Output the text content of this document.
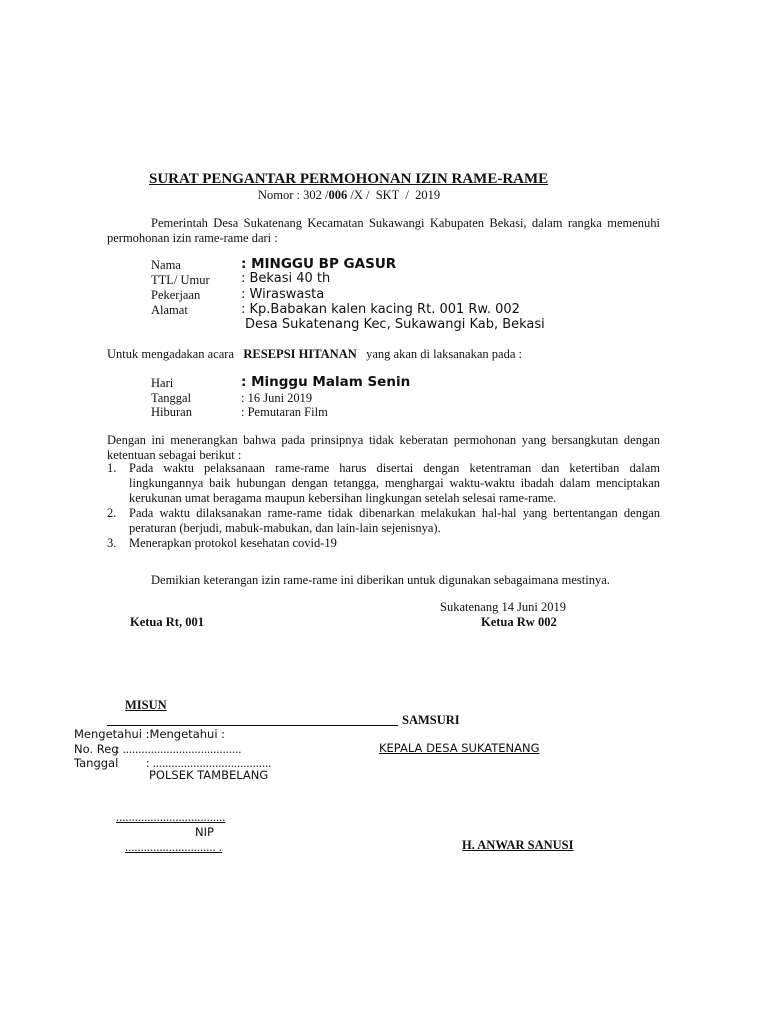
SURAT PENGANTAR PERMOHONAN IZIN RAME-RAME
Nomor : 302 /006 /X /  SKT  /  2019
Pemerintah Desa Sukatenang Kecamatan Sukawangi Kabupaten Bekasi, dalam rangka memenuhi permohonan izin rame-rame dari :
Nama	: MINGGU BP GASUR
TTL/ Umur : Bekasi 40 th
Pekerjaan	: Wiraswasta
Alamat	: Kp.Babakan kalen kacing Rt. 001 Rw. 002
Desa Sukatenang Kec, Sukawangi Kab, Bekasi
Untuk mengadakan acara RESEPSI HITANAN yang akan di laksanakan pada :
Hari	: Minggu Malam Senin
Tanggal	: 16 Juni 2019
Hiburan	: Pemutaran Film
Dengan ini menerangkan bahwa pada prinsipnya tidak keberatan permohonan yang bersangkutan dengan ketentuan sebagai berikut :
1. Pada waktu pelaksanaan rame-rame harus disertai dengan ketentraman dan ketertiban dalam lingkungannya baik hubungan dengan tetangga, menghargai waktu-waktu ibadah dalam menciptakan kerukunan umat beragama maupun kebersihan lingkungan setelah selesai rame-rame.
2. Pada waktu dilaksanakan rame-rame tidak dibenarkan melakukan hal-hal yang bertentangan dengan peraturan (berjudi, mabuk-mabukan, dan lain-lain sejenisnya).
3. Menerapkan protokol kesehatan covid-19
Demikian keterangan izin rame-rame ini diberikan untuk digunakan sebagaimana mestinya.
Sukatenang 14 Juni 2019
Ketua Rt, 001	Ketua Rw 002
MISUN
SAMSURI
Mengetahui :Mengetahui :
No. Reg
: ......................................
Tanggal : ......................................
KEPALA DESA SUKATENANG
POLSEK TAMBELANG
...................................
NIP
............................. .	H. ANWAR SANUSI
